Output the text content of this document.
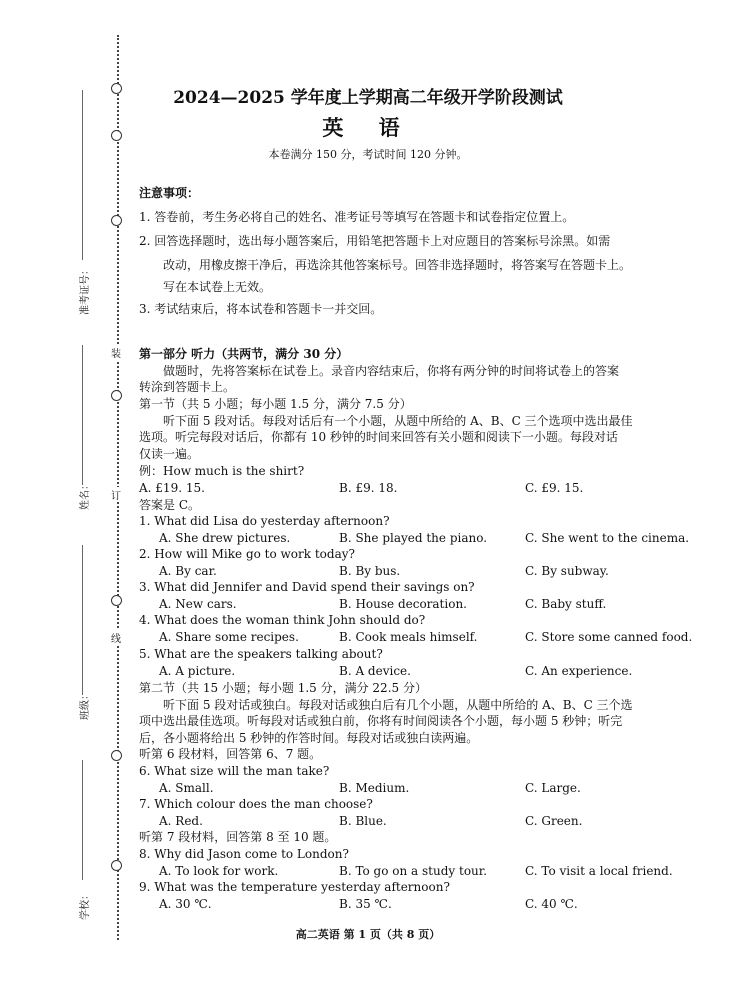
装
订
线
准考证号：
姓名：
班级：
学校：
2024—2025 学年度上学期高二年级开学阶段测试
英 语
本卷满分 150 分，考试时间 120 分钟。
注意事项：
1. 答卷前，考生务必将自己的姓名、准考证号等填写在答题卡和试卷指定位置上。
2. 回答选择题时，选出每小题答案后，用铅笔把答题卡上对应题目的答案标号涂黑。如需
改动，用橡皮擦干净后，再选涂其他答案标号。回答非选择题时，将答案写在答题卡上。
写在本试卷上无效。
3. 考试结束后，将本试卷和答题卡一并交回。
第一部分 听力（共两节，满分 30 分）
做题时，先将答案标在试卷上。录音内容结束后，你将有两分钟的时间将试卷上的答案
转涂到答题卡上。
第一节（共 5 小题；每小题 1.5 分，满分 7.5 分）
听下面 5 段对话。每段对话后有一个小题，从题中所给的 A、B、C 三个选项中选出最佳
选项。听完每段对话后，你都有 10 秒钟的时间来回答有关小题和阅读下一小题。每段对话
仅读一遍。
例：How much is the shirt?
A. £19. 15.	B. £9. 18.	C. £9. 15.
答案是 C。
1. What did Lisa do yesterday afternoon?
A. She drew pictures.	B. She played the piano.	C. She went to the cinema.
2. How will Mike go to work today?
A. By car.	B. By bus.	C. By subway.
3. What did Jennifer and David spend their savings on?
A. New cars.	B. House decoration.	C. Baby stuff.
4. What does the woman think John should do?
A. Share some recipes.	B. Cook meals himself.	C. Store some canned food.
5. What are the speakers talking about?
A. A picture.	B. A device.	C. An experience.
第二节（共 15 小题；每小题 1.5 分，满分 22.5 分）
听下面 5 段对话或独白。每段对话或独白后有几个小题，从题中所给的 A、B、C 三个选
项中选出最佳选项。听每段对话或独白前，你将有时间阅读各个小题，每小题 5 秒钟；听完
后，各小题将给出 5 秒钟的作答时间。每段对话或独白读两遍。
听第 6 段材料，回答第 6、7 题。
6. What size will the man take?
A. Small.	B. Medium.	C. Large.
7. Which colour does the man choose?
A. Red.	B. Blue.	C. Green.
听第 7 段材料，回答第 8 至 10 题。
8. Why did Jason come to London?
A. To look for work.	B. To go on a study tour.	C. To visit a local friend.
9. What was the temperature yesterday afternoon?
A. 30 ℃.	B. 35 ℃.	C. 40 ℃.
高二英语 第 1 页（共 8 页）
